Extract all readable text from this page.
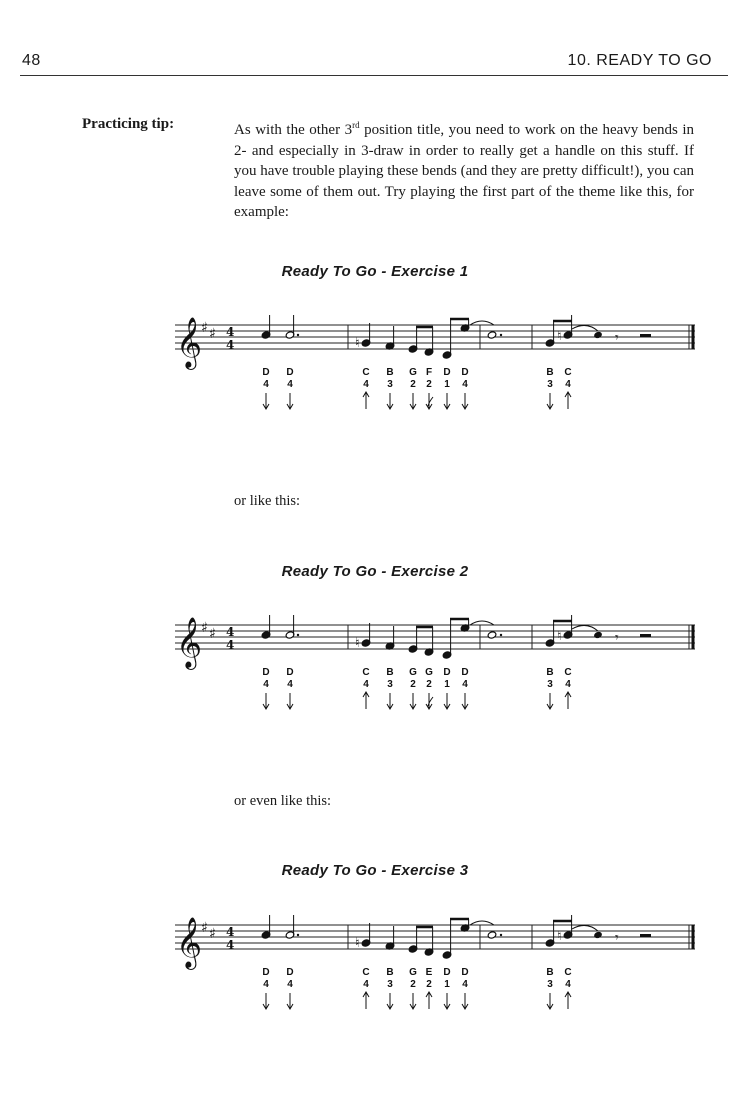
48	10. READY TO GO
Practicing tip:	As with the other 3rd position title, you need to work on the heavy bends in 2- and especially in 3-draw in order to really get a handle on this stuff. If you have trouble playing these bends (and they are pretty difficult!), you can leave some of them out. Try playing the first part of the theme like this, for example:
Ready To Go - Exercise 1
𝄞
♯ ♯ 4
4	♮	♮	𝄾
D D	C B G F D D	B C
4 4	4 3 2 2 1 4	3 4
or like this:
Ready To Go - Exercise 2
𝄞
♯ ♯ 4
4	♮	♮	𝄾
D D	C B G G D D	B C
4 4	4 3 2 2 1 4	3 4
or even like this:
Ready To Go - Exercise 3
𝄞
♯ ♯ 4
4	♮	♮	𝄾
D D	C B G E D D	B C
4 4	4 3 2 2 1 4	3 4
